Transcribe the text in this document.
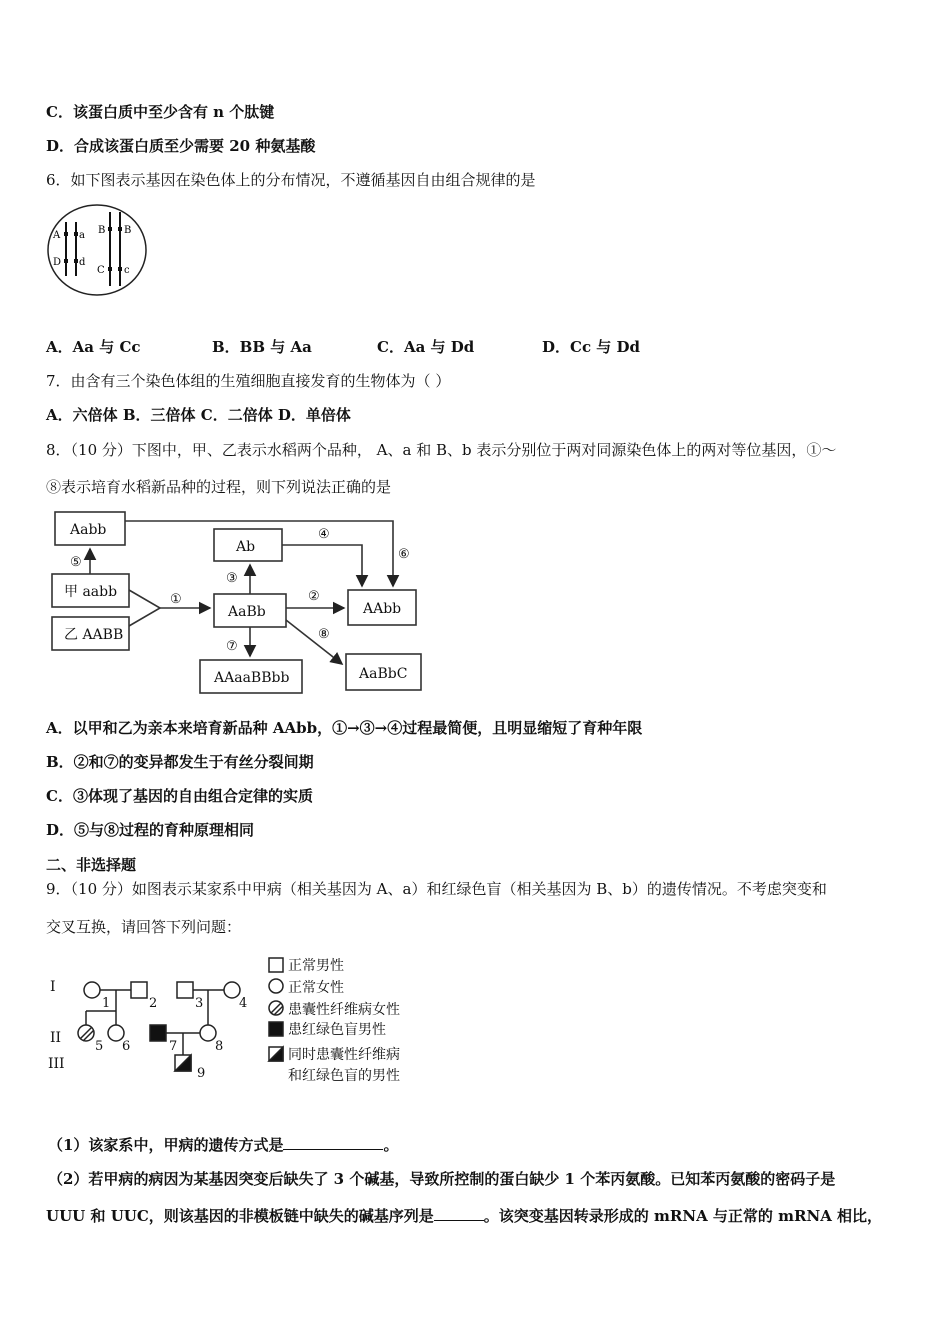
C．该蛋白质中至少含有 n 个肽键
D．合成该蛋白质至少需要 20 种氨基酸
6．如下图表示基因在染色体上的分布情况，不遵循基因自由组合规律的是
A a
D d
B B
C c
A．Aa 与 Cc	B．BB 与 Aa	C．Aa 与 Dd	D．Cc 与 Dd
7．由含有三个染色体组的生殖细胞直接发育的生物体为（ ）
A．六倍体 B．三倍体 C．二倍体 D．单倍体
8．（10 分）下图中，甲、乙表示水稻两个品种， A、a 和 B、b 表示分别位于两对同源染色体上的两对等位基因，①～
⑧表示培育水稻新品种的过程，则下列说法正确的是
Aabb
甲 aabb
乙 AABB
Ab
AaBb	AAbb
AAaaBBbb	AaBbC
①	②
③
④
⑤
⑥
⑦
⑧
A．以甲和乙为亲本来培育新品种 AAbb，①→③→④过程最简便，且明显缩短了育种年限
B．②和⑦的变异都发生于有丝分裂间期
C．③体现了基因的自由组合定律的实质
D．⑤与⑧过程的育种原理相同
二、非选择题
9．（10 分）如图表示某家系中甲病（相关基因为 A、a）和红绿色盲（相关基因为 B、b）的遗传情况。不考虑突变和
交叉互换，请回答下列问题：
I
II
III
1	2	3	4
5 6	7	8
9
正常男性
正常女性
患囊性纤维病女性
患红绿色盲男性
同时患囊性纤维病
和红绿色盲的男性
（1）该家系中，甲病的遗传方式是	。
（2）若甲病的病因为某基因突变后缺失了 3 个碱基，导致所控制的蛋白缺少 1 个苯丙氨酸。已知苯丙氨酸的密码子是
UUU 和 UUC，则该基因的非模板链中缺失的碱基序列是	。该突变基因转录形成的 mRNA 与正常的 mRNA 相比，
